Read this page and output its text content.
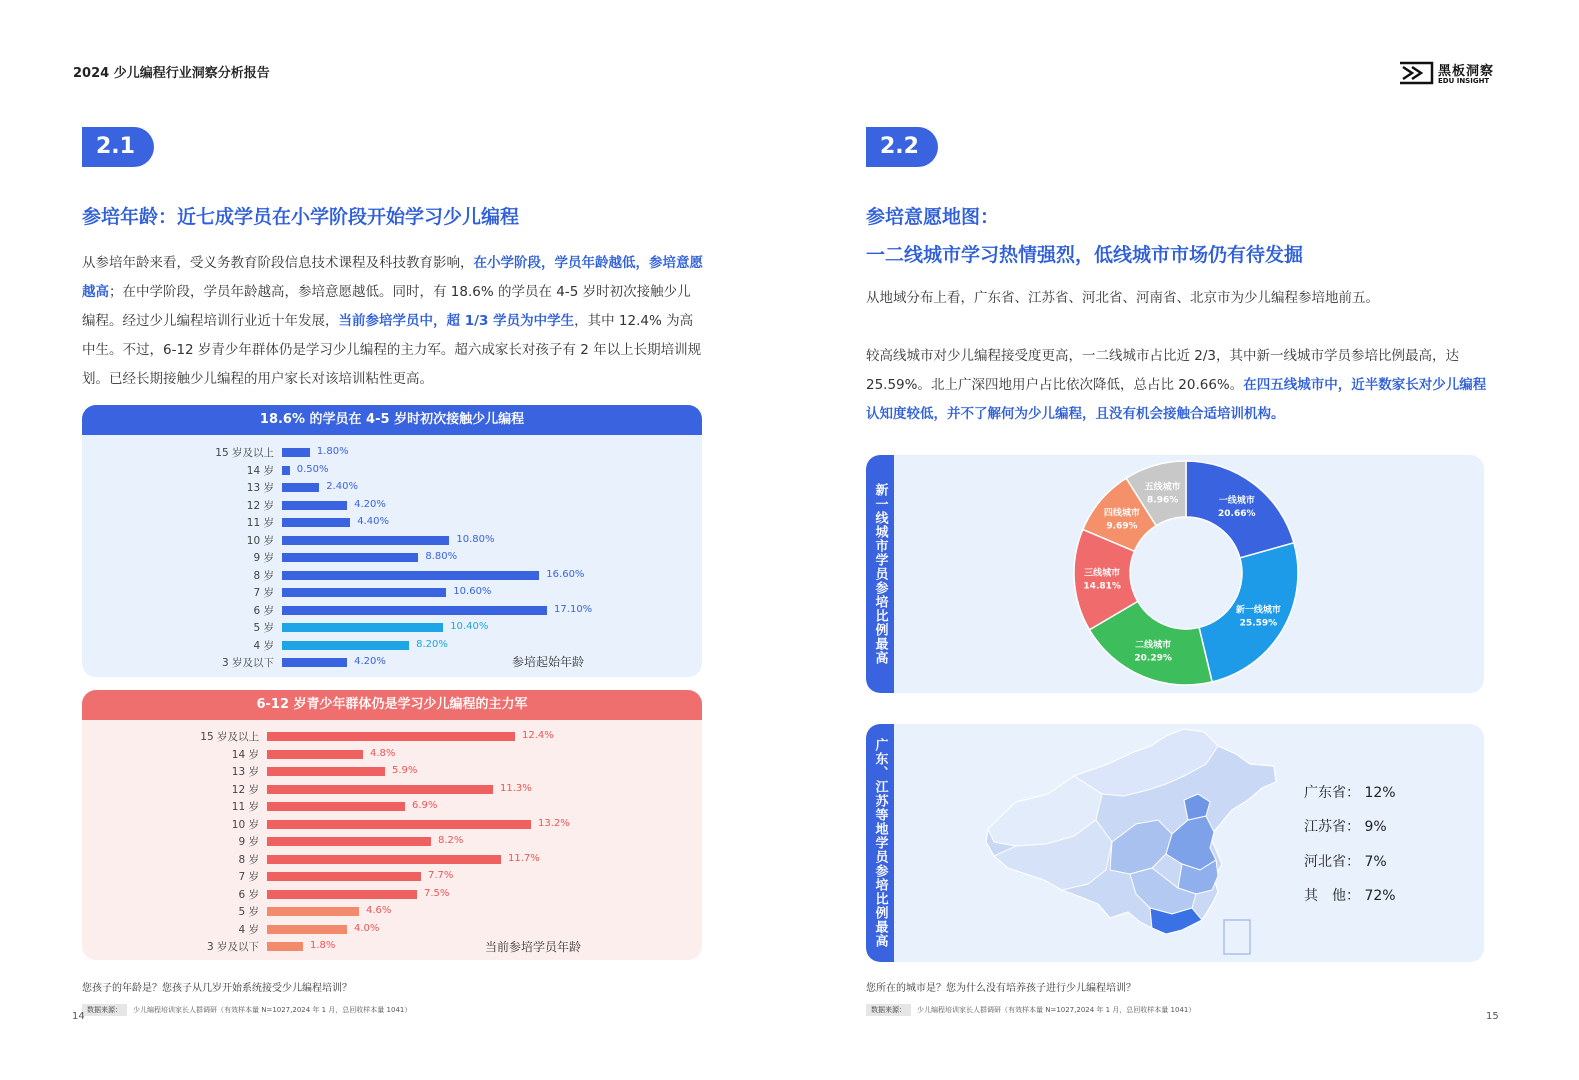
2024 少儿编程行业洞察分析报告	黑板洞察
EDU INSIGHT
2.1
参培年龄：近七成学员在小学阶段开始学习少儿编程
从参培年龄来看，受义务教育阶段信息技术课程及科技教育影响，在小学阶段，学员年龄越低，参培意愿越高；在中学阶段，学员年龄越高，参培意愿越低。同时，有 18.6% 的学员在 4-5 岁时初次接触少儿编程。经过少儿编程培训行业近十年发展，当前参培学员中，超 1/3 学员为中学生，其中 12.4% 为高中生。不过，6-12 岁青少年群体仍是学习少儿编程的主力军。超六成家长对孩子有 2 年以上长期培训规划。已经长期接触少儿编程的用户家长对该培训粘性更高。
18.6% 的学员在 4-5 岁时初次接触少儿编程
参培起始年龄
15 岁及以上	1.80%
14 岁 0.50%
13 岁	2.40%
12 岁	4.20%
11 岁	4.40%
10 岁	10.80%
9 岁	8.80%
8 岁	16.60%
7 岁	10.60%
6 岁	17.10%
5 岁	10.40%
4 岁	8.20%
3 岁及以下	4.20%
6-12 岁青少年群体仍是学习少儿编程的主力军
当前参培学员年龄
15 岁及以上	12.4%
14 岁	4.8%
13 岁	5.9%
12 岁	11.3%
11 岁	6.9%
10 岁	13.2%
9 岁	8.2%
8 岁	11.7%
7 岁	7.7%
6 岁	7.5%
5 岁	4.6%
4 岁	4.0%
3 岁及以下	1.8%
您孩子的年龄是？您孩子从几岁开始系统接受少儿编程培训？
数据来源： 少儿编程培训家长人群调研（有效样本量 N=1027,2024 年 1 月，总回收样本量 1041）
14
2.2
参培意愿地图：
一二线城市学习热情强烈，低线城市市场仍有待发掘
从地域分布上看，广东省、江苏省、河北省、河南省、北京市为少儿编程参培地前五。
较高线城市对少儿编程接受度更高，一二线城市占比近 2/3，其中新一线城市学员参培比例最高，达 25.59%。北上广深四地用户占比依次降低，总占比 20.66%。在四五线城市中，近半数家长对少儿编程认知度较低，并不了解何为少儿编程，且没有机会接触合适培训机构。
新一线城市学员参培比例最高	一线城市
20.66%
新一线城市
25.59%
二线城市
20.29%
三线城市
14.81%
四线城市
9.69%
五线城市
8.96%
广东、江苏等地学员参培比例最高	广东省： 12%
江苏省： 9%
河北省： 7%
其　他： 72%
您所在的城市是？您为什么没有培养孩子进行少儿编程培训？
数据来源： 少儿编程培训家长人群调研（有效样本量 N=1027,2024 年 1 月，总回收样本量 1041）
15
